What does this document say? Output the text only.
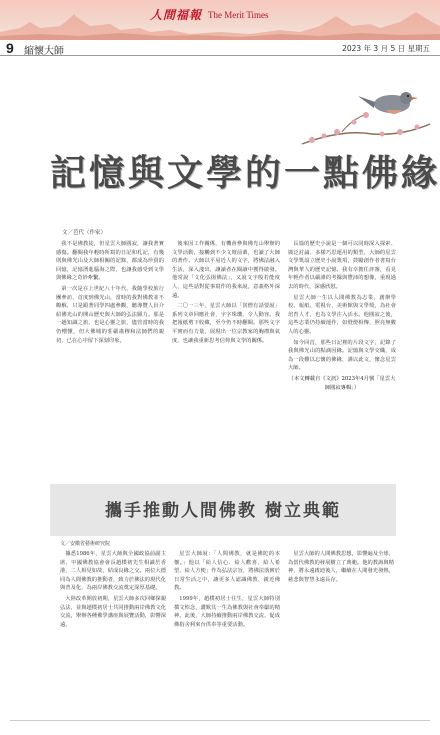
人間福報 The Merit Times
9 縮懷大師	2023 年 3 月 5 日 星期五
記憶與文學的一點佛緣
文／芭代（作家）

我不是佛教徒，但星雲大師圓寂，讓我著實感傷。翻閱我年輕時所寫的日記和札記，有幾則與佛光山及大師相關的記錄，都成為珍貴的回憶，記憶湧進腦海之際，也讓我感受到文學與佛緣之奇妙牽繫。

第一次是在上世紀八十年代，我隨學校旅行團參訪，首度到佛光山，當時的我對佛教並不瞭解，只是跟著同學四處參觀，聽導覽人員介紹佛光山的開山歷史與大師的弘法願力。那是一趟知識之旅，也是心靈之旅，儘管當時的我仍懵懂，但大佛城的莊嚴肅穆和法師們的親切，已在心中留下深刻印象。

後來因工作關係，有機會參與佛光山舉辦的文學活動，接觸到不少文壇前輩，也讀了大師的著作。大師以平易近人的文字，將佛法融入生活，深入淺出，讓讀者在閱讀中獲得啟發。他常說「文化弘揚佛法」，又說文字般若能度人，這些話對從事寫作的我來說，意義格外深遠。

二〇一三年，星雲大師以「貧僧有話要說」系列文章回應社會，字字珠璣，令人動容。我把報紙剪下收藏，至今仍不時翻閱。那些文字平實而有力量，展現出一位宗教家的胸襟與氣度，也讓我重新思考信仰與文學的關係。

長篇的歷史小說是一個可以同時深入探索、廣泛討論、多樣巧思運用的類型，大師的星雲文學獎設立歷史小說獎項，鼓勵創作者書寫台灣與華人的歷史記憶，我有幸擔任評審，看見年輕作者以嚴謹的考據與豐沛的想像，重現過去的時代，深感欣慰。

星雲大師一生以人間佛教為志業，創辦學校、報紙、電視台、美術館與文學獎，為社會培育人才，也為文學注入活水。他圓寂之後，這些志業仍持續運作，如燈燈相傳，照亮無數人的心靈。

如今回首，那些日記裡的片段文字，記錄了我與佛光山的點滴因緣。記憶與文學交織，成為一段難以忘懷的佛緣，謹以此文，懷念星雲大師。

（本文轉載自《文訊》2023年4月號「星雲大師圓寂專輯」）

攜手推動人間佛教 樹立典範
文／安徽省藝術研究院

據悉1986年，星雲大師與全國政協前副主席、中國佛教協會會長趙樸初先生相識於香港，二人相見如故，結成良緣之交。兩位大德同為人間佛教的推動者，致力於佛法的現代化與普及化，為兩岸佛教交流奠定深厚基礎。

大陸改革開放初期，星雲大師多次回鄉探親弘法，並與趙樸初居士共同推動兩岸佛教文化交流，舉辦各種佛學講座與展覽活動，影響深遠。

星雲大師說：「人間佛教，就是佛陀的本懷。」他以「給人信心、給人歡喜、給人希望、給人方便」作為弘法宗旨，將佛法落實於日常生活之中，讓更多人認識佛教、親近佛教。

1999年，趙樸初居士往生，星雲大師特別撰文悼念，讚歎其一生為佛教與社會奉獻的精神。此後，大師持續推動兩岸佛教交流，促成佛指舍利來台供奉等重要活動。

星雲大師的人間佛教思想，影響遍及全球，為當代佛教的發展樹立了典範。他的教誨與精神，將永遠啟迪後人，繼續在人間發光發熱，慈悲與智慧永遠長存。
